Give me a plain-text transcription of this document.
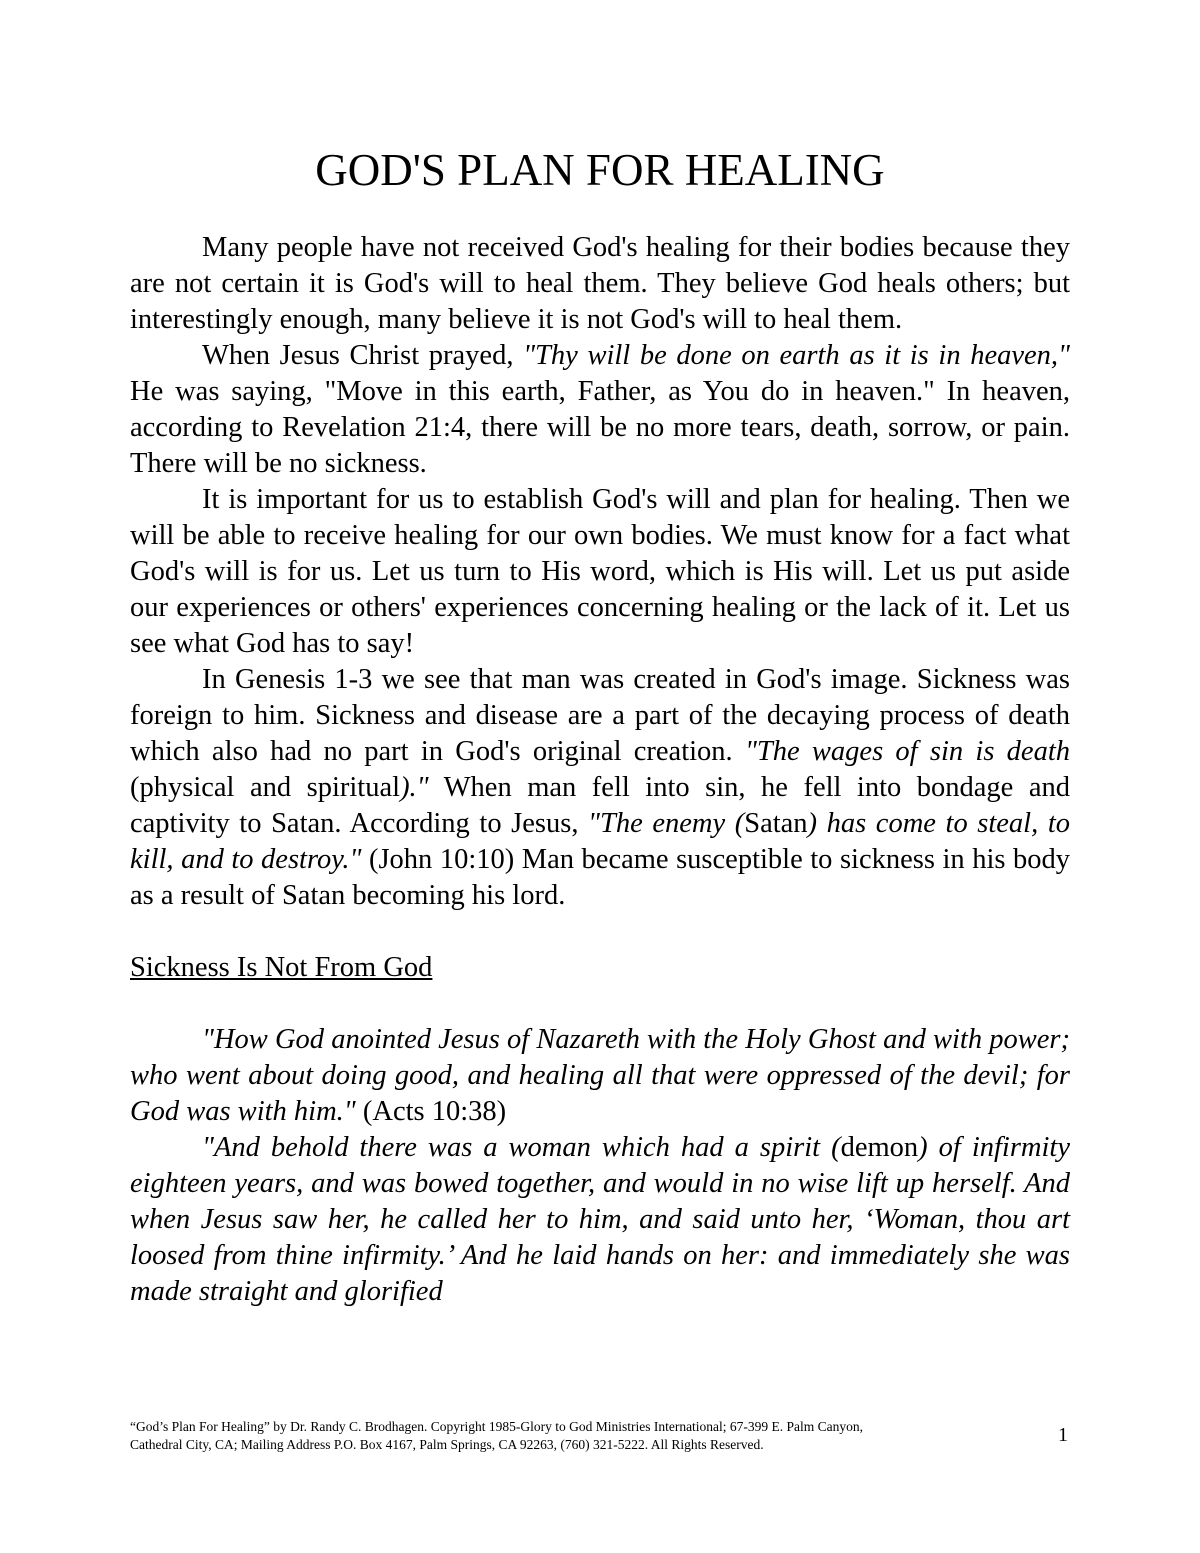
GOD'S PLAN FOR HEALING

Many people have not received God's healing for their bodies because they are not certain it is God's will to heal them. They believe God heals others; but interestingly enough, many believe it is not God's will to heal them.

When Jesus Christ prayed, "Thy will be done on earth as it is in heaven," He was saying, "Move in this earth, Father, as You do in heaven." In heaven, according to Revelation 21:4, there will be no more tears, death, sorrow, or pain. There will be no sickness.

It is important for us to establish God's will and plan for healing. Then we will be able to receive healing for our own bodies. We must know for a fact what God's will is for us. Let us turn to His word, which is His will. Let us put aside our experiences or others' experiences concerning healing or the lack of it. Let us see what God has to say!

In Genesis 1-3 we see that man was created in God's image. Sickness was foreign to him. Sickness and disease are a part of the decaying process of death which also had no part in God's original creation. "The wages of sin is death (physical and spiritual)." When man fell into sin, he fell into bondage and captivity to Satan. According to Jesus, "The enemy (Satan) has come to steal, to kill, and to destroy." (John 10:10) Man became susceptible to sickness in his body as a result of Satan becoming his lord.

Sickness Is Not From God

"How God anointed Jesus of Nazareth with the Holy Ghost and with power; who went about doing good, and healing all that were oppressed of the devil; for God was with him." (Acts 10:38)

"And behold there was a woman which had a spirit (demon) of infirmity eighteen years, and was bowed together, and would in no wise lift up herself. And when Jesus saw her, he called her to him, and said unto her, ‘Woman, thou art loosed from thine infirmity.’ And he laid hands on her: and immediately she was made straight and glorified

“God’s Plan For Healing” by Dr. Randy C. Brodhagen. Copyright 1985-Glory to God Ministries International; 67-399 E. Palm Canyon,
Cathedral City, CA; Mailing Address P.O. Box 4167, Palm Springs, CA 92263, (760) 321-5222. All Rights Reserved.	1
